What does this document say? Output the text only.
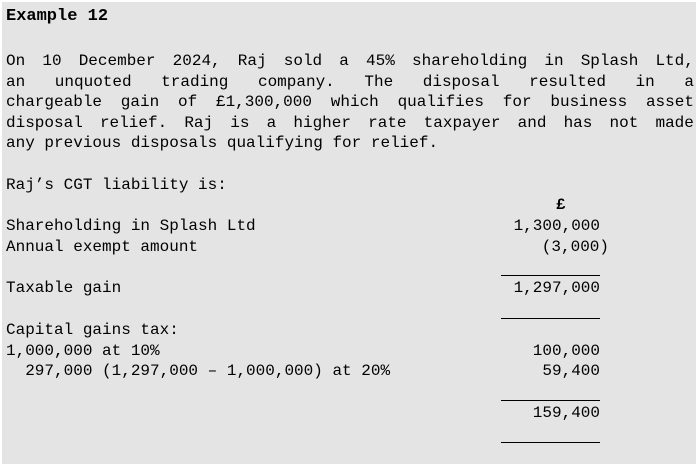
Example 12
On 10 December 2024, Raj sold a 45% shareholding in Splash Ltd,
an unquoted trading company. The disposal resulted in a
chargeable gain of £1,300,000 which qualifies for business asset
disposal relief. Raj is a higher rate taxpayer and has not made
any previous disposals qualifying for relief.

Raj’s CGT liability is:

£

Shareholding in Splash Ltd	1,300,000

Annual exempt amount	(3,000)

Taxable gain	1,297,000

Capital gains tax:

1,000,000 at 10%	100,000

297,000 (1,297,000 – 1,000,000) at 20%	59,400

159,400
